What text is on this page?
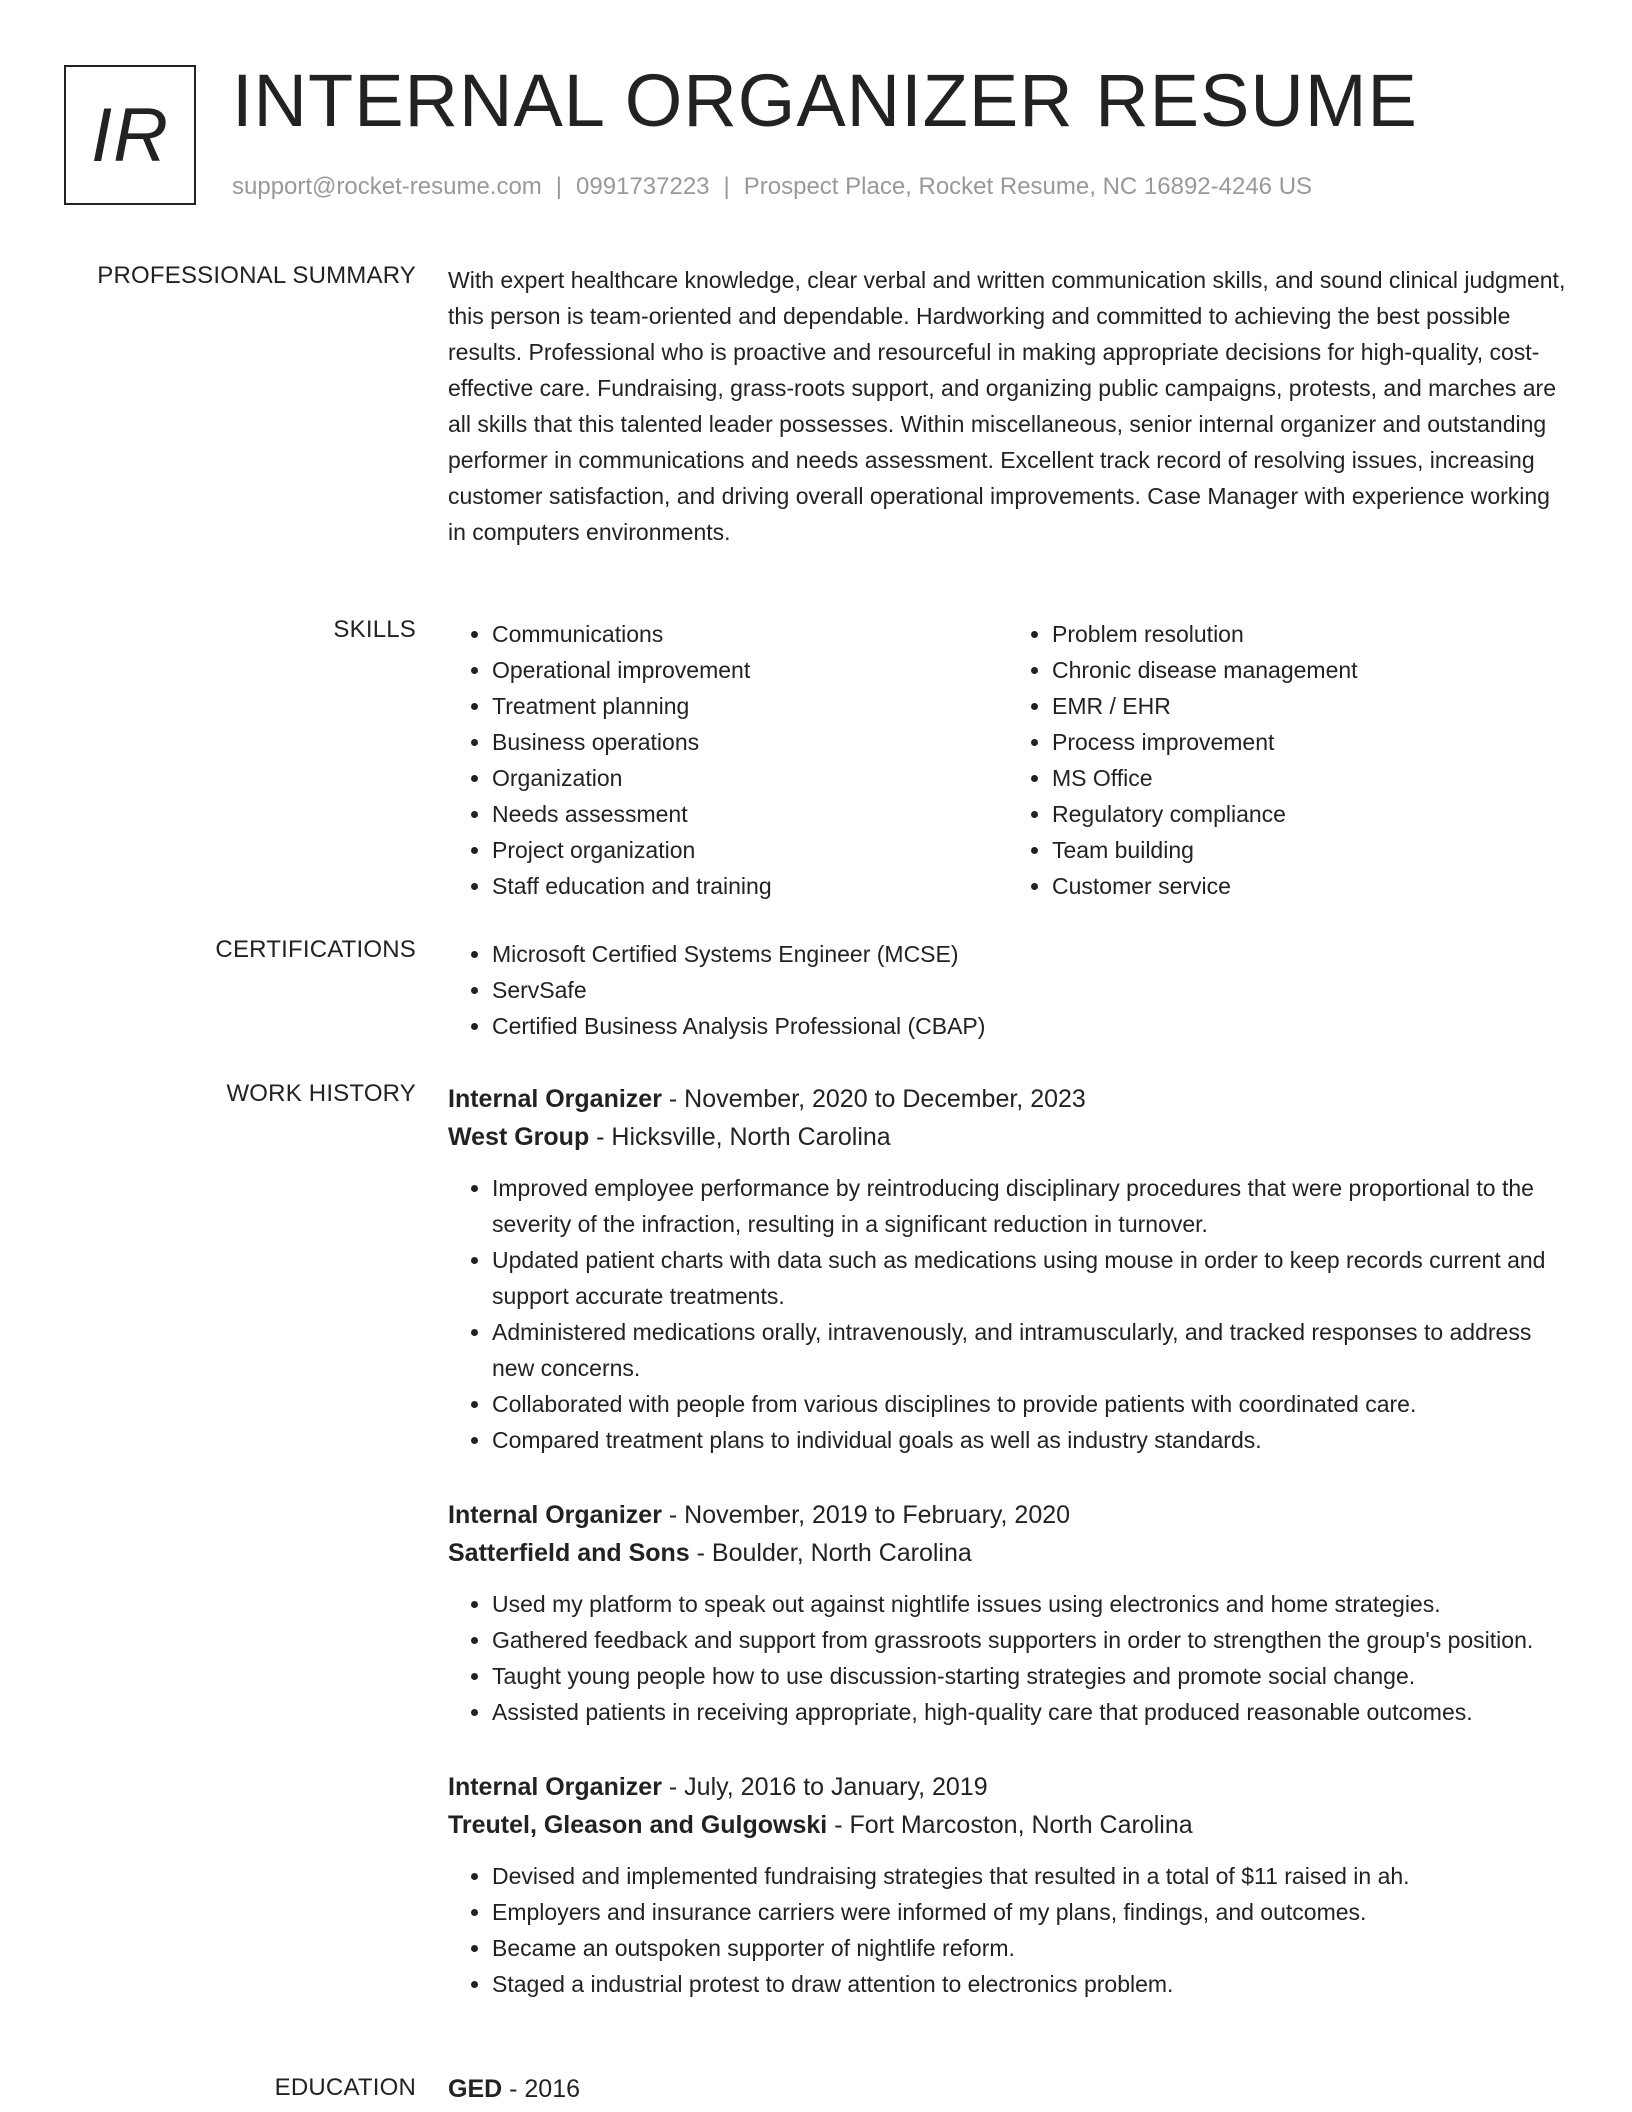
IR INTERNAL ORGANIZER RESUME
support@rocket-resume.com | 0991737223 | Prospect Place, Rocket Resume, NC 16892-4246 US
PROFESSIONAL SUMMARY With expert healthcare knowledge, clear verbal and written communication skills, and sound clinical judgment, this person is team-oriented and dependable. Hardworking and committed to achieving the best possible results. Professional who is proactive and resourceful in making appropriate decisions for high-quality, cost-effective care. Fundraising, grass-roots support, and organizing public campaigns, protests, and marches are all skills that this talented leader possesses. Within miscellaneous, senior internal organizer and outstanding performer in communications and needs assessment. Excellent track record of resolving issues, increasing customer satisfaction, and driving overall operational improvements. Case Manager with experience working in computers environments.

SKILLS	• Communications
• Operational improvement
• Treatment planning
• Business operations
• Organization
• Needs assessment
• Project organization
• Staff education and training
• Problem resolution
• Chronic disease management
• EMR / EHR
• Process improvement
• MS Office
• Regulatory compliance
• Team building
• Customer service
CERTIFICATIONS	• Microsoft Certified Systems Engineer (MCSE)
• ServSafe
• Certified Business Analysis Professional (CBAP)
WORK HISTORY Internal Organizer - November, 2020 to December, 2023
West Group - Hicksville, North Carolina
• Improved employee performance by reintroducing disciplinary procedures that were proportional to the severity of the infraction, resulting in a significant reduction in turnover.
• Updated patient charts with data such as medications using mouse in order to keep records current and support accurate treatments.
• Administered medications orally, intravenously, and intramuscularly, and tracked responses to address new concerns.
• Collaborated with people from various disciplines to provide patients with coordinated care.
• Compared treatment plans to individual goals as well as industry standards.
Internal Organizer - November, 2019 to February, 2020
Satterfield and Sons - Boulder, North Carolina
• Used my platform to speak out against nightlife issues using electronics and home strategies.
• Gathered feedback and support from grassroots supporters in order to strengthen the group's position.
• Taught young people how to use discussion-starting strategies and promote social change.
• Assisted patients in receiving appropriate, high-quality care that produced reasonable outcomes.
Internal Organizer - July, 2016 to January, 2019
Treutel, Gleason and Gulgowski - Fort Marcoston, North Carolina
• Devised and implemented fundraising strategies that resulted in a total of $11 raised in ah.
• Employers and insurance carriers were informed of my plans, findings, and outcomes.
• Became an outspoken supporter of nightlife reform.
• Staged a industrial protest to draw attention to electronics problem.
EDUCATION GED - 2016
